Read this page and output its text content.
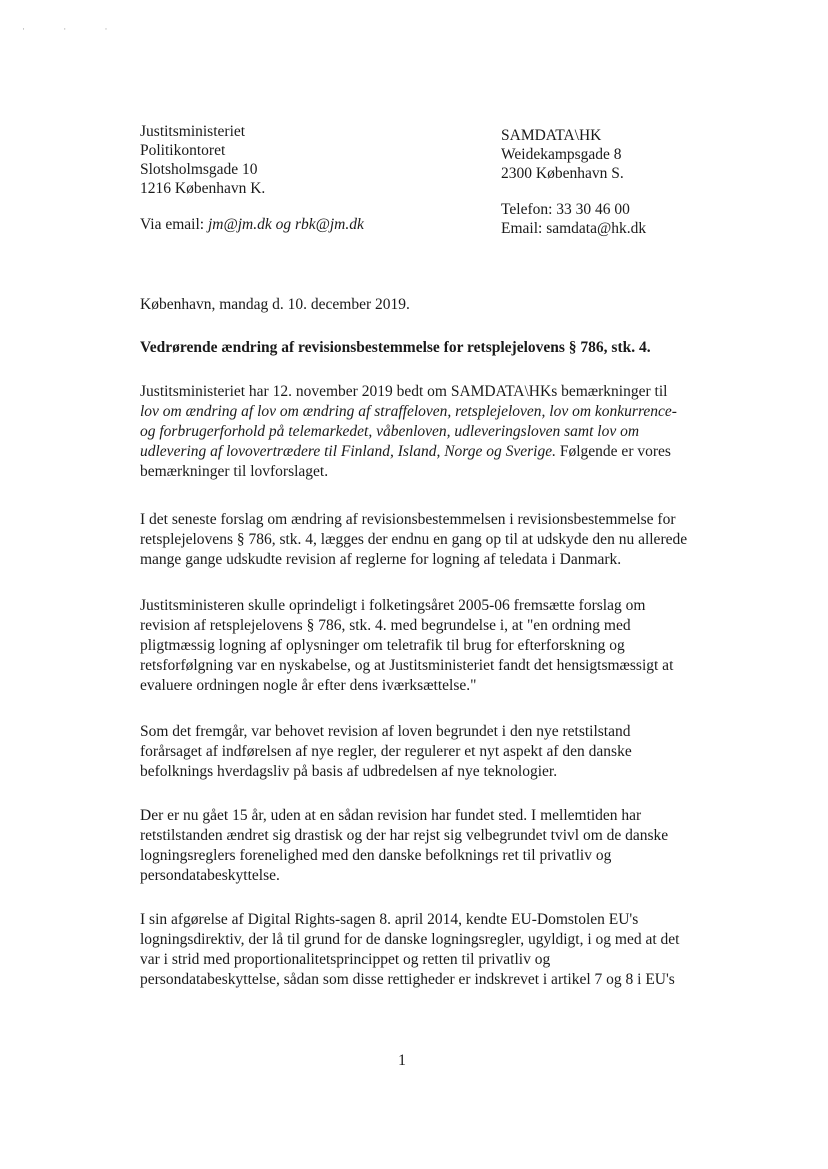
· · ·
Justitsministeriet
Politikontoret
Slotsholmsgade 10
1216 København K.
Via email: jm@jm.dk og rbk@jm.dk
SAMDATA\HK
Weidekampsgade 8
2300 København S.
Telefon: 33 30 46 00
Email: samdata@hk.dk
København, mandag d. 10. december 2019.
Vedrørende ændring af revisionsbestemmelse for retsplejelovens § 786, stk. 4.
Justitsministeriet har 12. november 2019 bedt om SAMDATA\HKs bemærkninger til
lov om ændring af lov om ændring af straffeloven, retsplejeloven, lov om konkurrence-
og forbrugerforhold på telemarkedet, våbenloven, udleveringsloven samt lov om
udlevering af lovovertrædere til Finland, Island, Norge og Sverige. Følgende er vores
bemærkninger til lovforslaget.
I det seneste forslag om ændring af revisionsbestemmelsen i revisionsbestemmelse for
retsplejelovens § 786, stk. 4, lægges der endnu en gang op til at udskyde den nu allerede
mange gange udskudte revision af reglerne for logning af teledata i Danmark.
Justitsministeren skulle oprindeligt i folketingsåret 2005-06 fremsætte forslag om
revision af retsplejelovens § 786, stk. 4. med begrundelse i, at "en ordning med
pligtmæssig logning af oplysninger om teletrafik til brug for efterforskning og
retsforfølgning var en nyskabelse, og at Justitsministeriet fandt det hensigtsmæssigt at
evaluere ordningen nogle år efter dens iværksættelse."
Som det fremgår, var behovet revision af loven begrundet i den nye retstilstand
forårsaget af indførelsen af nye regler, der regulerer et nyt aspekt af den danske
befolknings hverdagsliv på basis af udbredelsen af nye teknologier.
Der er nu gået 15 år, uden at en sådan revision har fundet sted. I mellemtiden har
retstilstanden ændret sig drastisk og der har rejst sig velbegrundet tvivl om de danske
logningsreglers forenelighed med den danske befolknings ret til privatliv og
persondatabeskyttelse.
I sin afgørelse af Digital Rights-sagen 8. april 2014, kendte EU-Domstolen EU's
logningsdirektiv, der lå til grund for de danske logningsregler, ugyldigt, i og med at det
var i strid med proportionalitetsprincippet og retten til privatliv og
persondatabeskyttelse, sådan som disse rettigheder er indskrevet i artikel 7 og 8 i EU's
1
